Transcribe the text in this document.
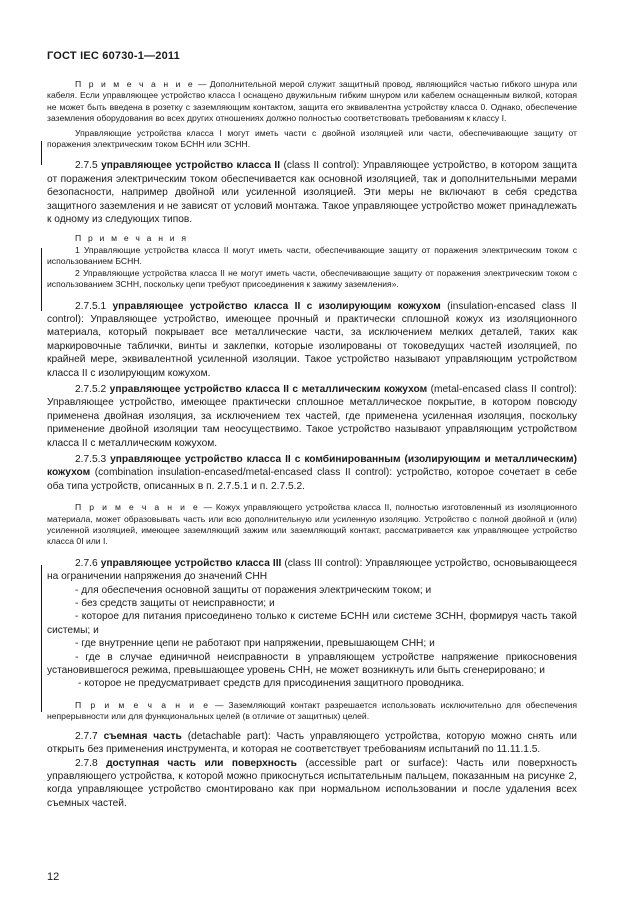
ГОСТ IEC 60730-1—2011

П р и м е ч а н и е — Дополнительной мерой служит защитный провод, являющийся частью гибкого шнура или кабеля. Если управляющее устройство класса I оснащено двужильным гибким шнуром или кабелем оснащенным вилкой, которая не может быть введена в розетку с заземляющим контактом, защита его эквивалентна устройству класса 0. Однако, обеспечение заземления оборудования во всех других отношениях должно полностью соответствовать требованиям к классу I.

Управляющие устройства класса I могут иметь части с двойной изоляцией или части, обеспечивающие защиту от поражения электрическим током БСНН или ЗСНН.

2.7.5 управляющее устройство класса II (class II control): Управляющее устройство, в котором защита от поражения электрическим током обеспечивается как основной изоляцией, так и дополнительными мерами безопасности, например двойной или усиленной изоляцией. Эти меры не включают в себя средства защитного заземления и не зависят от условий монтажа. Такое управляющее устройство может принадлежать к одному из следующих типов.

П р и м е ч а н и я

1 Управляющие устройства класса II могут иметь части, обеспечивающие защиту от поражения электрическим током с использованием БСНН.

2 Управляющие устройства класса II не могут иметь части, обеспечивающие защиту от поражения электрическим током с использованием ЗСНН, поскольку цепи требуют присоединения к зажиму заземления».

2.7.5.1 управляющее устройство класса II с изолирующим кожухом (insulation-encased class II control): Управляющее устройство, имеющее прочный и практически сплошной кожух из изоляционного материала, который покрывает все металлические части, за исключением мелких деталей, таких как маркировочные таблички, винты и заклепки, которые изолированы от токоведущих частей изоляцией, по крайней мере, эквивалентной усиленной изоляции. Такое устройство называют управляющим устройством класса II с изолирующим кожухом.

2.7.5.2 управляющее устройство класса II с металлическим кожухом (metal-encased class II control): Управляющее устройство, имеющее практически сплошное металлическое покрытие, в котором повсюду применена двойная изоляция, за исключением тех частей, где применена усиленная изоляция, поскольку применение двойной изоляции там неосуществимо. Такое устройство называют управляющим устройством класса II с металлическим кожухом.

2.7.5.3 управляющее устройство класса II с комбинированным (изолирующим и металлическим) кожухом (combination insulation-encased/metal-encased class II control): устройство, которое сочетает в себе оба типа устройств, описанных в п. 2.7.5.1 и п. 2.7.5.2.

П р и м е ч а н и е — Кожух управляющего устройства класса II, полностью изготовленный из изоляционного материала, может образовывать часть или всю дополнительную или усиленную изоляцию. Устройство с полной двойной и (или) усиленной изоляцией, имеющее заземляющий зажим или заземляющий контакт, рассматривается как управляющее устройство класса 0I или I.

2.7.6 управляющее устройство класса III (class III control): Управляющее устройство, основывающееся на ограничении напряжения до значений СНН

- для обеспечения основной защиты от поражения электрическим током; и

- без средств защиты от неисправности; и

- которое для питания присоединено только к системе БСНН или системе ЗСНН, формируя часть такой системы; и

- где внутренние цепи не работают при напряжении, превышающем СНН; и

- где в случае единичной неисправности в управляющем устройстве напряжение прикосновения установившегося режима, превышающее уровень СНН, не может возникнуть или быть сгенерировано; и

- которое не предусматривает средств для присодинения защитного проводника.

П р и м е ч а н и е — Заземляющий контакт разрешается использовать исключительно для обеспечения непрерывности или для функциональных целей (в отличие от защитных) целей.

2.7.7 съемная часть (detachable part): Часть управляющего устройства, которую можно снять или открыть без применения инструмента, и которая не соответствует требованиям испытаний по 11.11.1.5.

2.7.8 доступная часть или поверхность (accessible part or surface): Часть или поверхность управляющего устройства, к которой можно прикоснуться испытательным пальцем, показанным на рисунке 2, когда управляющее устройство смонтировано как при нормальном использовании и после удаления всех съемных частей.

12
